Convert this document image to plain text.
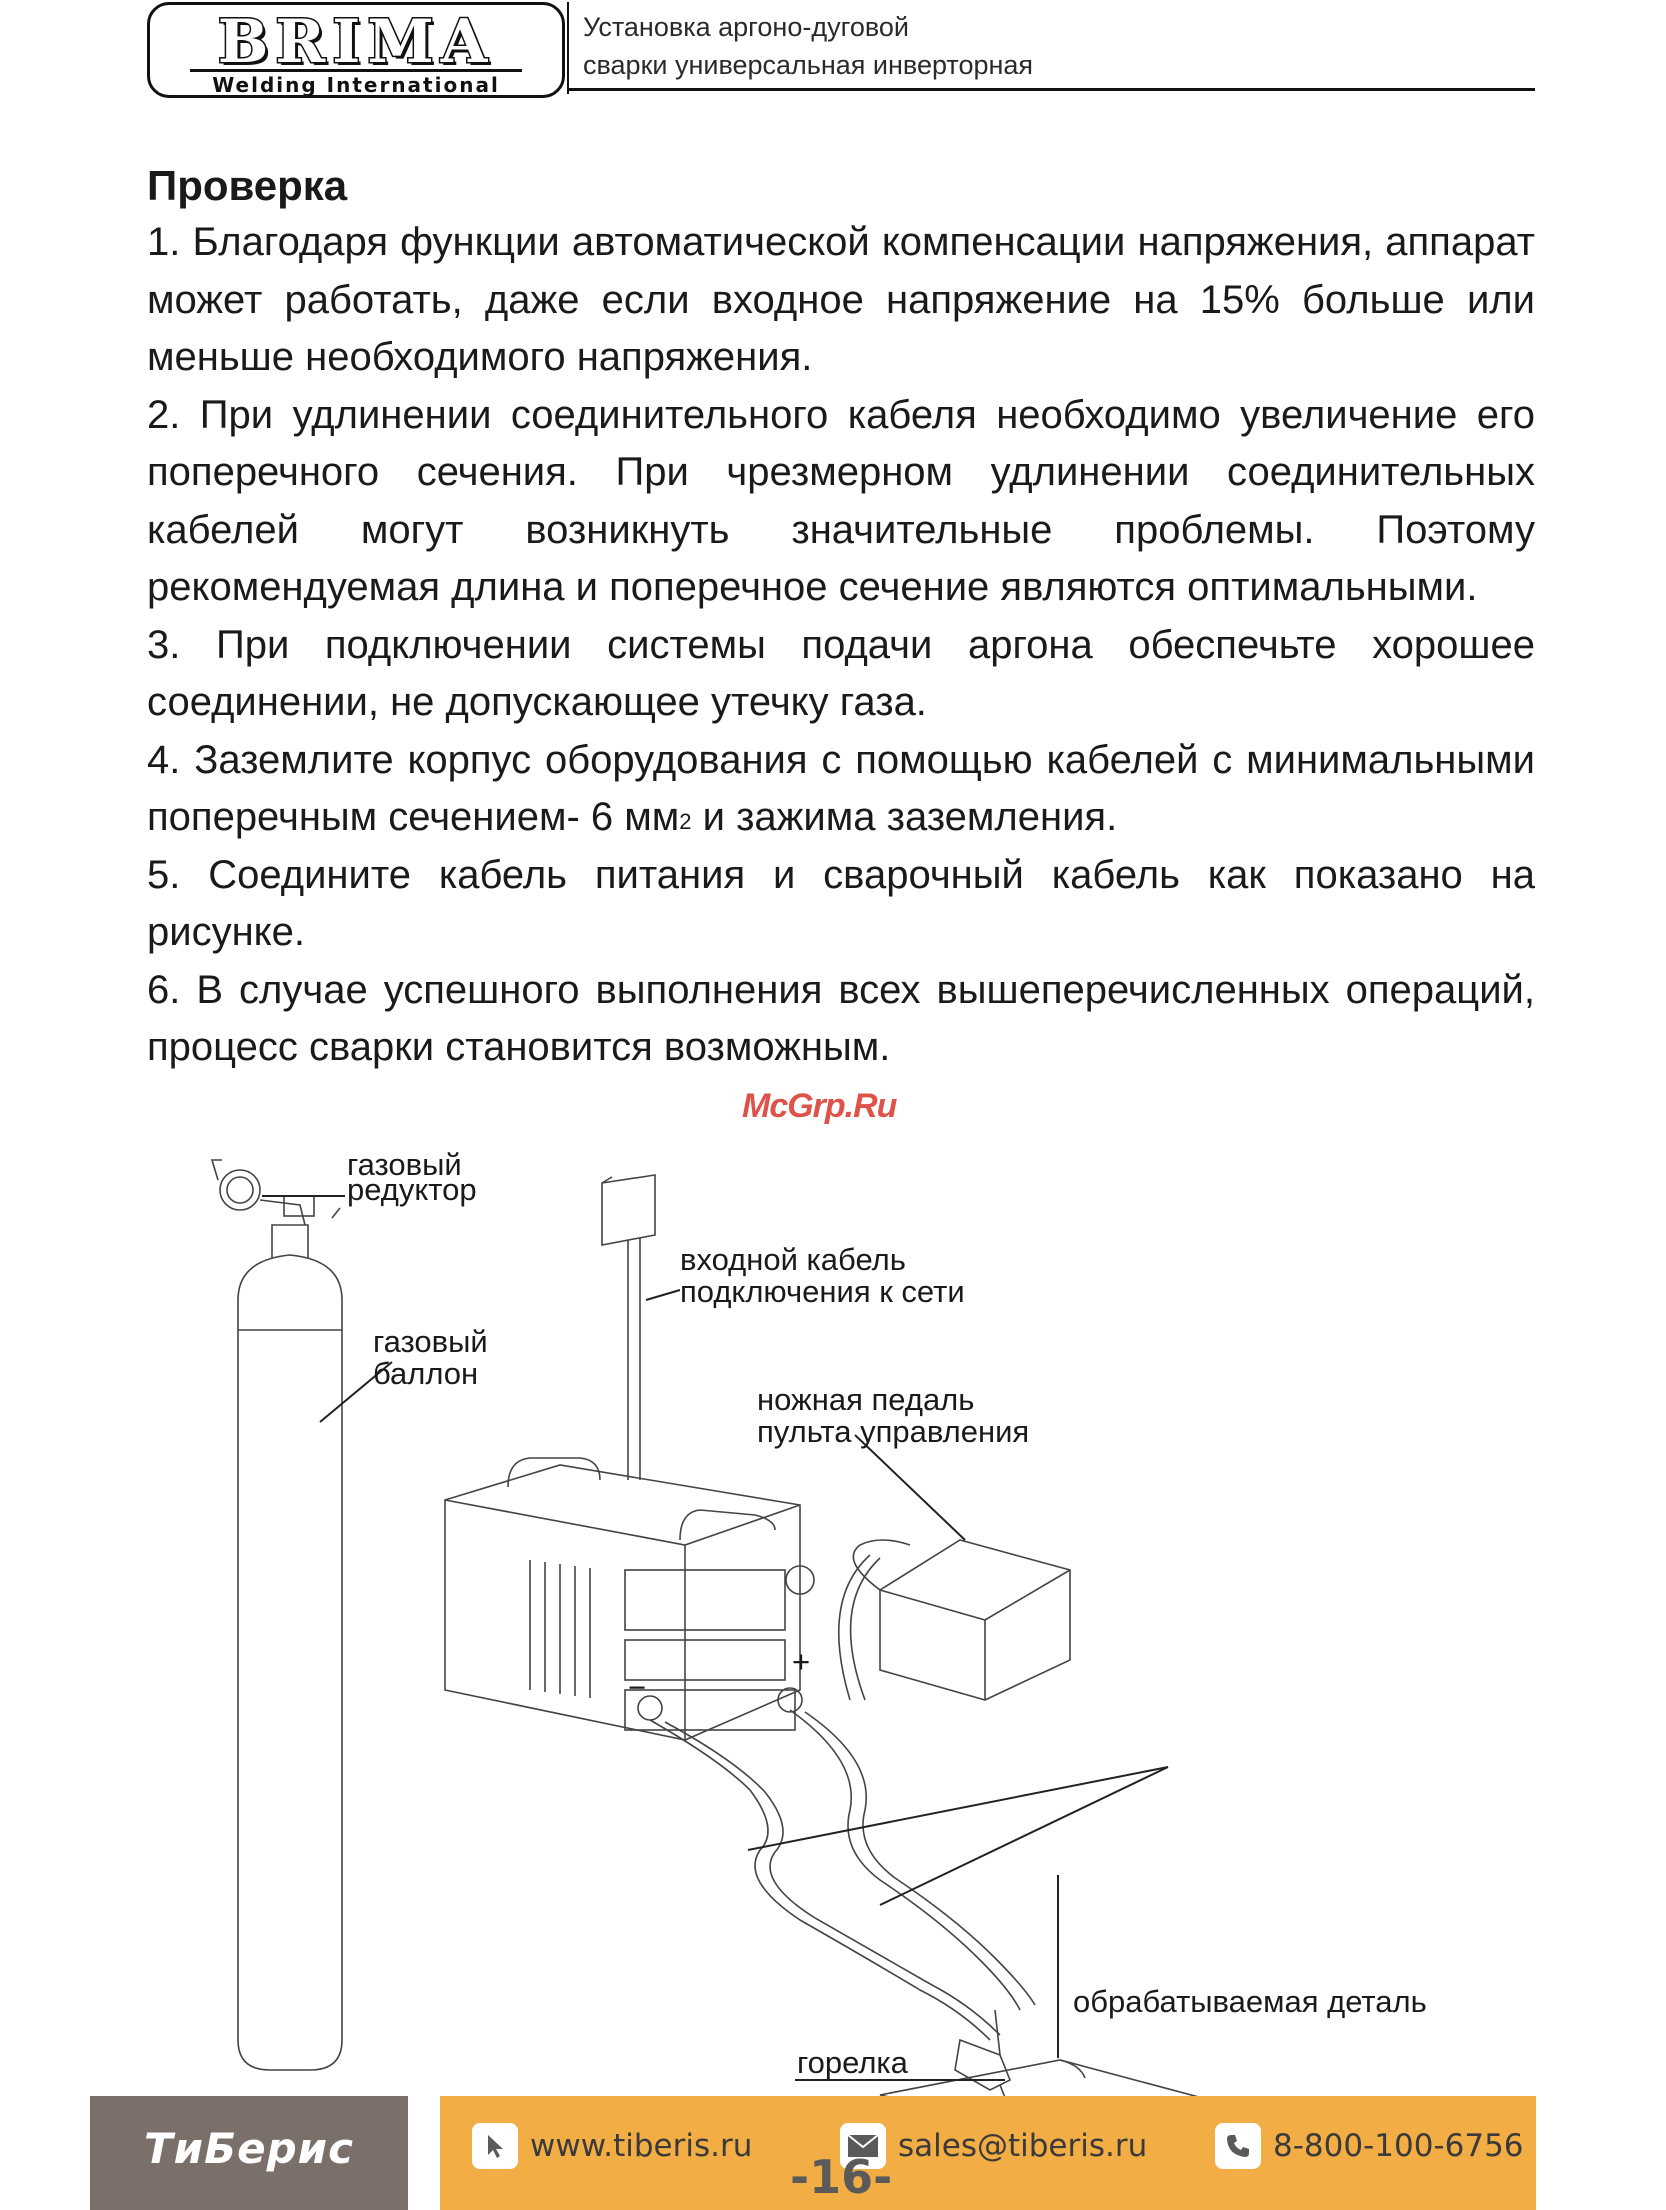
BRIMA
Welding International
Установка аргоно-дуговой
сварки универсальная инверторная

Проверка

1. Благодаря функции автоматической компенсации напряжения, аппарат может работать, даже если входное напряжение на 15% больше или меньше необходимого напряжения.

2. При удлинении соединительного кабеля необходимо увеличение его поперечного сечения. При чрезмерном удлинении соединительных кабелей могут возникнуть значительные проблемы. Поэтому рекомендуемая длина и поперечное сечение являются оптимальными.

3. При подключении системы подачи аргона обеспечьте хорошее соединении, не допускающее утечку газа.

4. Заземлите корпус оборудования с помощью кабелей с минимальными поперечным сечением- 6 $мм^2$ и зажима заземления.

5. Соедините кабель питания и сварочный кабель как показано на рисунке.

6. В случае успешного выполнения всех вышеперечисленных операций, процесс сварки становится возможным.

McGrp.Ru
газовый
редуктор
газовый
баллон
входной кабель
подключения к сети
ножная педаль
пульта управления
обрабатываемая деталь
горелка
−
+
ТиБерис	www.tiberis.ru	sales@tiberis.ru	8-800-100-6756
-16-
